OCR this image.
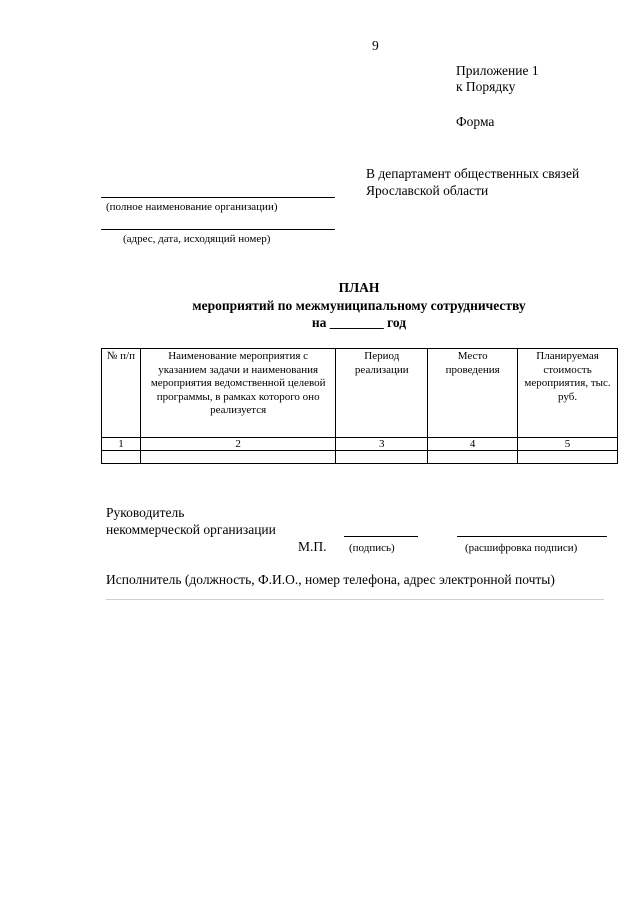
9
Приложение 1
к Порядку
Форма
В департамент общественных связей
Ярославской области
(полное наименование организации)
(адрес, дата, исходящий номер)
ПЛАН
мероприятий по межмуниципальному сотрудничеству
на ________ год
№ п/п	Наименование мероприятия с указанием задачи и наименования мероприятия ведомственной целевой программы, в рамках которого оно реализуется	Период реализации	Место проведения	Планируемая стоимость мероприятия, тыс. руб.
1	2	3	4	5

Руководитель
некоммерческой организации
М.П. (подпись)	(расшифровка подписи)
Исполнитель (должность, Ф.И.О., номер телефона, адрес электронной почты)
